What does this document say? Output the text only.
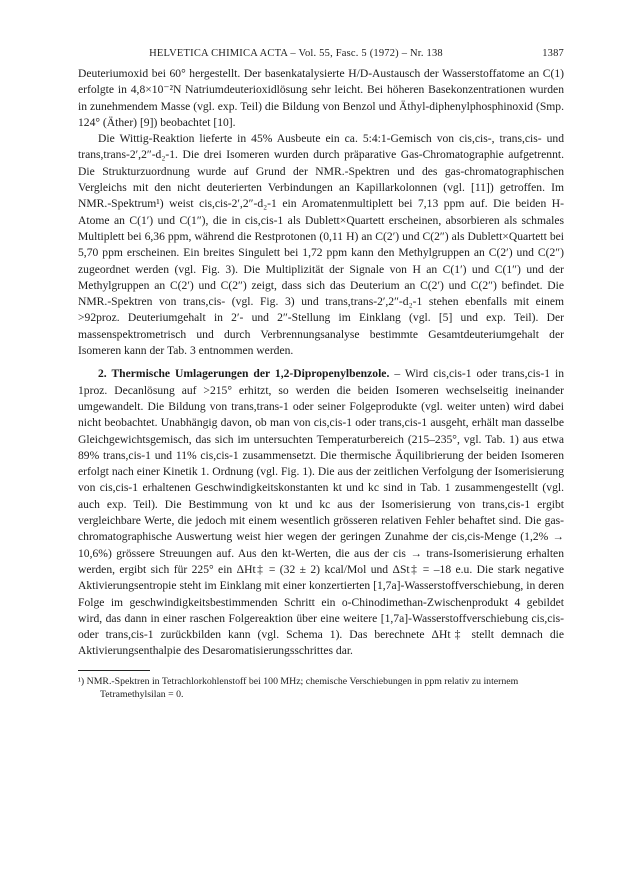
HELVETICA CHIMICA ACTA – Vol. 55, Fasc. 5 (1972) – Nr. 138	1387

Deuteriumoxid bei 60° hergestellt. Der basenkatalysierte H/D-Austausch der Wasserstoffatome an C(1) erfolgte in 4,8×10⁻²N Natriumdeuterioxidlösung sehr leicht. Bei höheren Basekonzentrationen wurden in zunehmendem Masse (vgl. exp. Teil) die Bildung von Benzol und Äthyl-diphenylphosphinoxid (Smp. 124° (Äther) [9]) beobachtet [10].

Die Wittig-Reaktion lieferte in 45% Ausbeute ein ca. 5:4:1-Gemisch von cis,cis-, trans,cis- und trans,trans-2′,2″-d₂-1. Die drei Isomeren wurden durch präparative Gas-Chromatographie aufgetrennt. Die Strukturzuordnung wurde auf Grund der NMR.-Spektren und des gas-chromatographischen Vergleichs mit den nicht deuterierten Verbindungen an Kapillarkolonnen (vgl. [11]) getroffen. Im NMR.-Spektrum¹) weist cis,cis-2′,2″-d₂-1 ein Aromatenmultiplett bei 7,13 ppm auf. Die beiden H-Atome an C(1′) und C(1″), die in cis,cis-1 als Dublett×Quartett erscheinen, absorbieren als schmales Multiplett bei 6,36 ppm, während die Restprotonen (0,11 H) an C(2′) und C(2″) als Dublett×Quartett bei 5,70 ppm erscheinen. Ein breites Singulett bei 1,72 ppm kann den Methylgruppen an C(2′) und C(2″) zugeordnet werden (vgl. Fig. 3). Die Multiplizität der Signale von H an C(1′) und C(1″) und der Methylgruppen an C(2′) und C(2″) zeigt, dass sich das Deuterium an C(2′) und C(2″) befindet. Die NMR.-Spektren von trans,cis- (vgl. Fig. 3) und trans,trans-2′,2″-d₂-1 stehen ebenfalls mit einem >92proz. Deuteriumgehalt in 2′- und 2″-Stellung im Einklang (vgl. [5] und exp. Teil). Der massenspektrometrisch und durch Verbrennungsanalyse bestimmte Gesamtdeuteriumgehalt der Isomeren kann der Tab. 3 entnommen werden.

2. Thermische Umlagerungen der 1,2-Dipropenylbenzole. – Wird cis,cis-1 oder trans,cis-1 in 1proz. Decanlösung auf >215° erhitzt, so werden die beiden Isomeren wechselseitig ineinander umgewandelt. Die Bildung von trans,trans-1 oder seiner Folgeprodukte (vgl. weiter unten) wird dabei nicht beobachtet. Unabhängig davon, ob man von cis,cis-1 oder trans,cis-1 ausgeht, erhält man dasselbe Gleichgewichtsgemisch, das sich im untersuchten Temperaturbereich (215–235°, vgl. Tab. 1) aus etwa 89% trans,cis-1 und 11% cis,cis-1 zusammensetzt. Die thermische Äquilibrierung der beiden Isomeren erfolgt nach einer Kinetik 1. Ordnung (vgl. Fig. 1). Die aus der zeitlichen Verfolgung der Isomerisierung von cis,cis-1 erhaltenen Geschwindigkeitskonstanten kt und kc sind in Tab. 1 zusammengestellt (vgl. auch exp. Teil). Die Bestimmung von kt und kc aus der Isomerisierung von trans,cis-1 ergibt vergleichbare Werte, die jedoch mit einem wesentlich grösseren relativen Fehler behaftet sind. Die gas-chromatographische Auswertung weist hier wegen der geringen Zunahme der cis,cis-Menge (1,2% → 10,6%) grössere Streuungen auf. Aus den kt-Werten, die aus der cis → trans-Isomerisierung erhalten werden, ergibt sich für 225° ein ΔHt‡ = (32 ± 2) kcal/Mol und ΔSt‡ = –18 e.u. Die stark negative Aktivierungsentropie steht im Einklang mit einer konzertierten [1,7a]-Wasserstoffverschiebung, in deren Folge im geschwindigkeitsbestimmenden Schritt ein o-Chinodimethan-Zwischenprodukt 4 gebildet wird, das dann in einer raschen Folgereaktion über eine weitere [1,7a]-Wasserstoffverschiebung cis,cis- oder trans,cis-1 zurückbilden kann (vgl. Schema 1). Das berechnete ΔHt‡ stellt demnach die Aktivierungsenthalpie des Desaromatisierungsschrittes dar.

¹) NMR.-Spektren in Tetrachlorkohlenstoff bei 100 MHz; chemische Verschiebungen in ppm relativ zu internem Tetramethylsilan = 0.
